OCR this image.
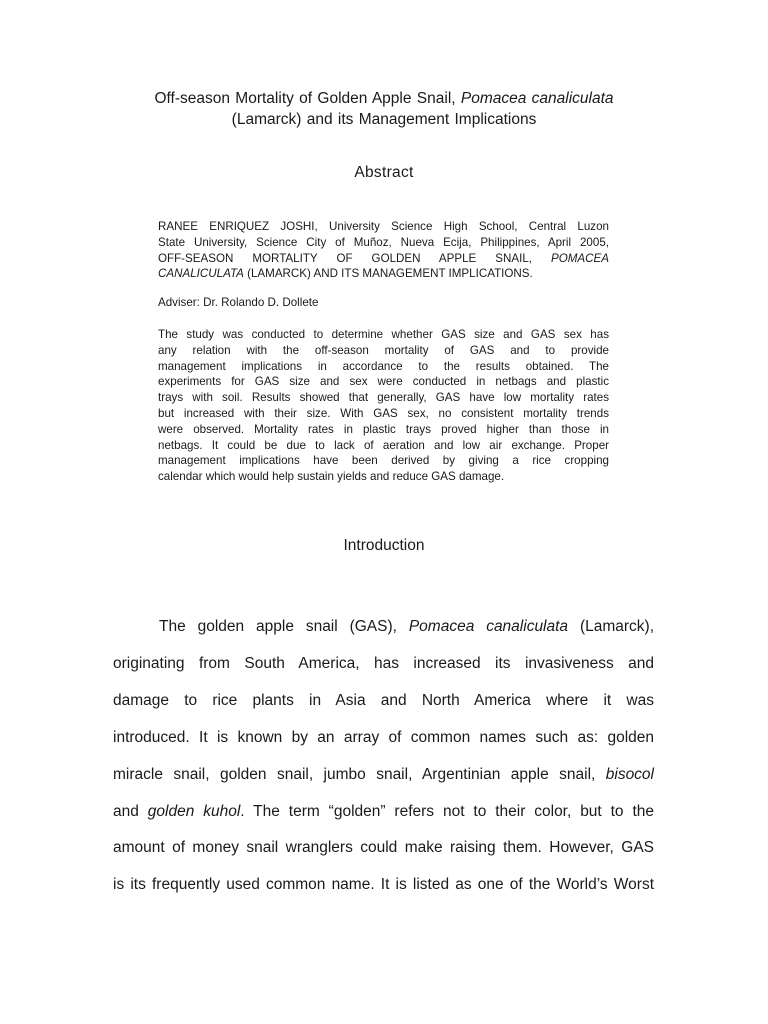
Off-season Mortality of Golden Apple Snail, Pomacea canaliculata
(Lamarck) and its Management Implications
Abstract
RANEE ENRIQUEZ JOSHI, University Science High School, Central Luzon
State University, Science City of Muñoz, Nueva Ecija, Philippines, April 2005,
OFF-SEASON MORTALITY OF GOLDEN APPLE SNAIL, POMACEA
CANALICULATA (LAMARCK) AND ITS MANAGEMENT IMPLICATIONS.
Adviser: Dr. Rolando D. Dollete
The study was conducted to determine whether GAS size and GAS sex has
any relation with the off-season mortality of GAS and to provide
management implications in accordance to the results obtained. The
experiments for GAS size and sex were conducted in netbags and plastic
trays with soil. Results showed that generally, GAS have low mortality rates
but increased with their size. With GAS sex, no consistent mortality trends
were observed. Mortality rates in plastic trays proved higher than those in
netbags. It could be due to lack of aeration and low air exchange. Proper
management implications have been derived by giving a rice cropping
calendar which would help sustain yields and reduce GAS damage.
Introduction
The golden apple snail (GAS), Pomacea canaliculata (Lamarck),
originating from South America, has increased its invasiveness and
damage to rice plants in Asia and North America where it was
introduced. It is known by an array of common names such as: golden
miracle snail, golden snail, jumbo snail, Argentinian apple snail, bisocol
and golden kuhol. The term “golden” refers not to their color, but to the
amount of money snail wranglers could make raising them. However, GAS
is its frequently used common name. It is listed as one of the World’s Worst
